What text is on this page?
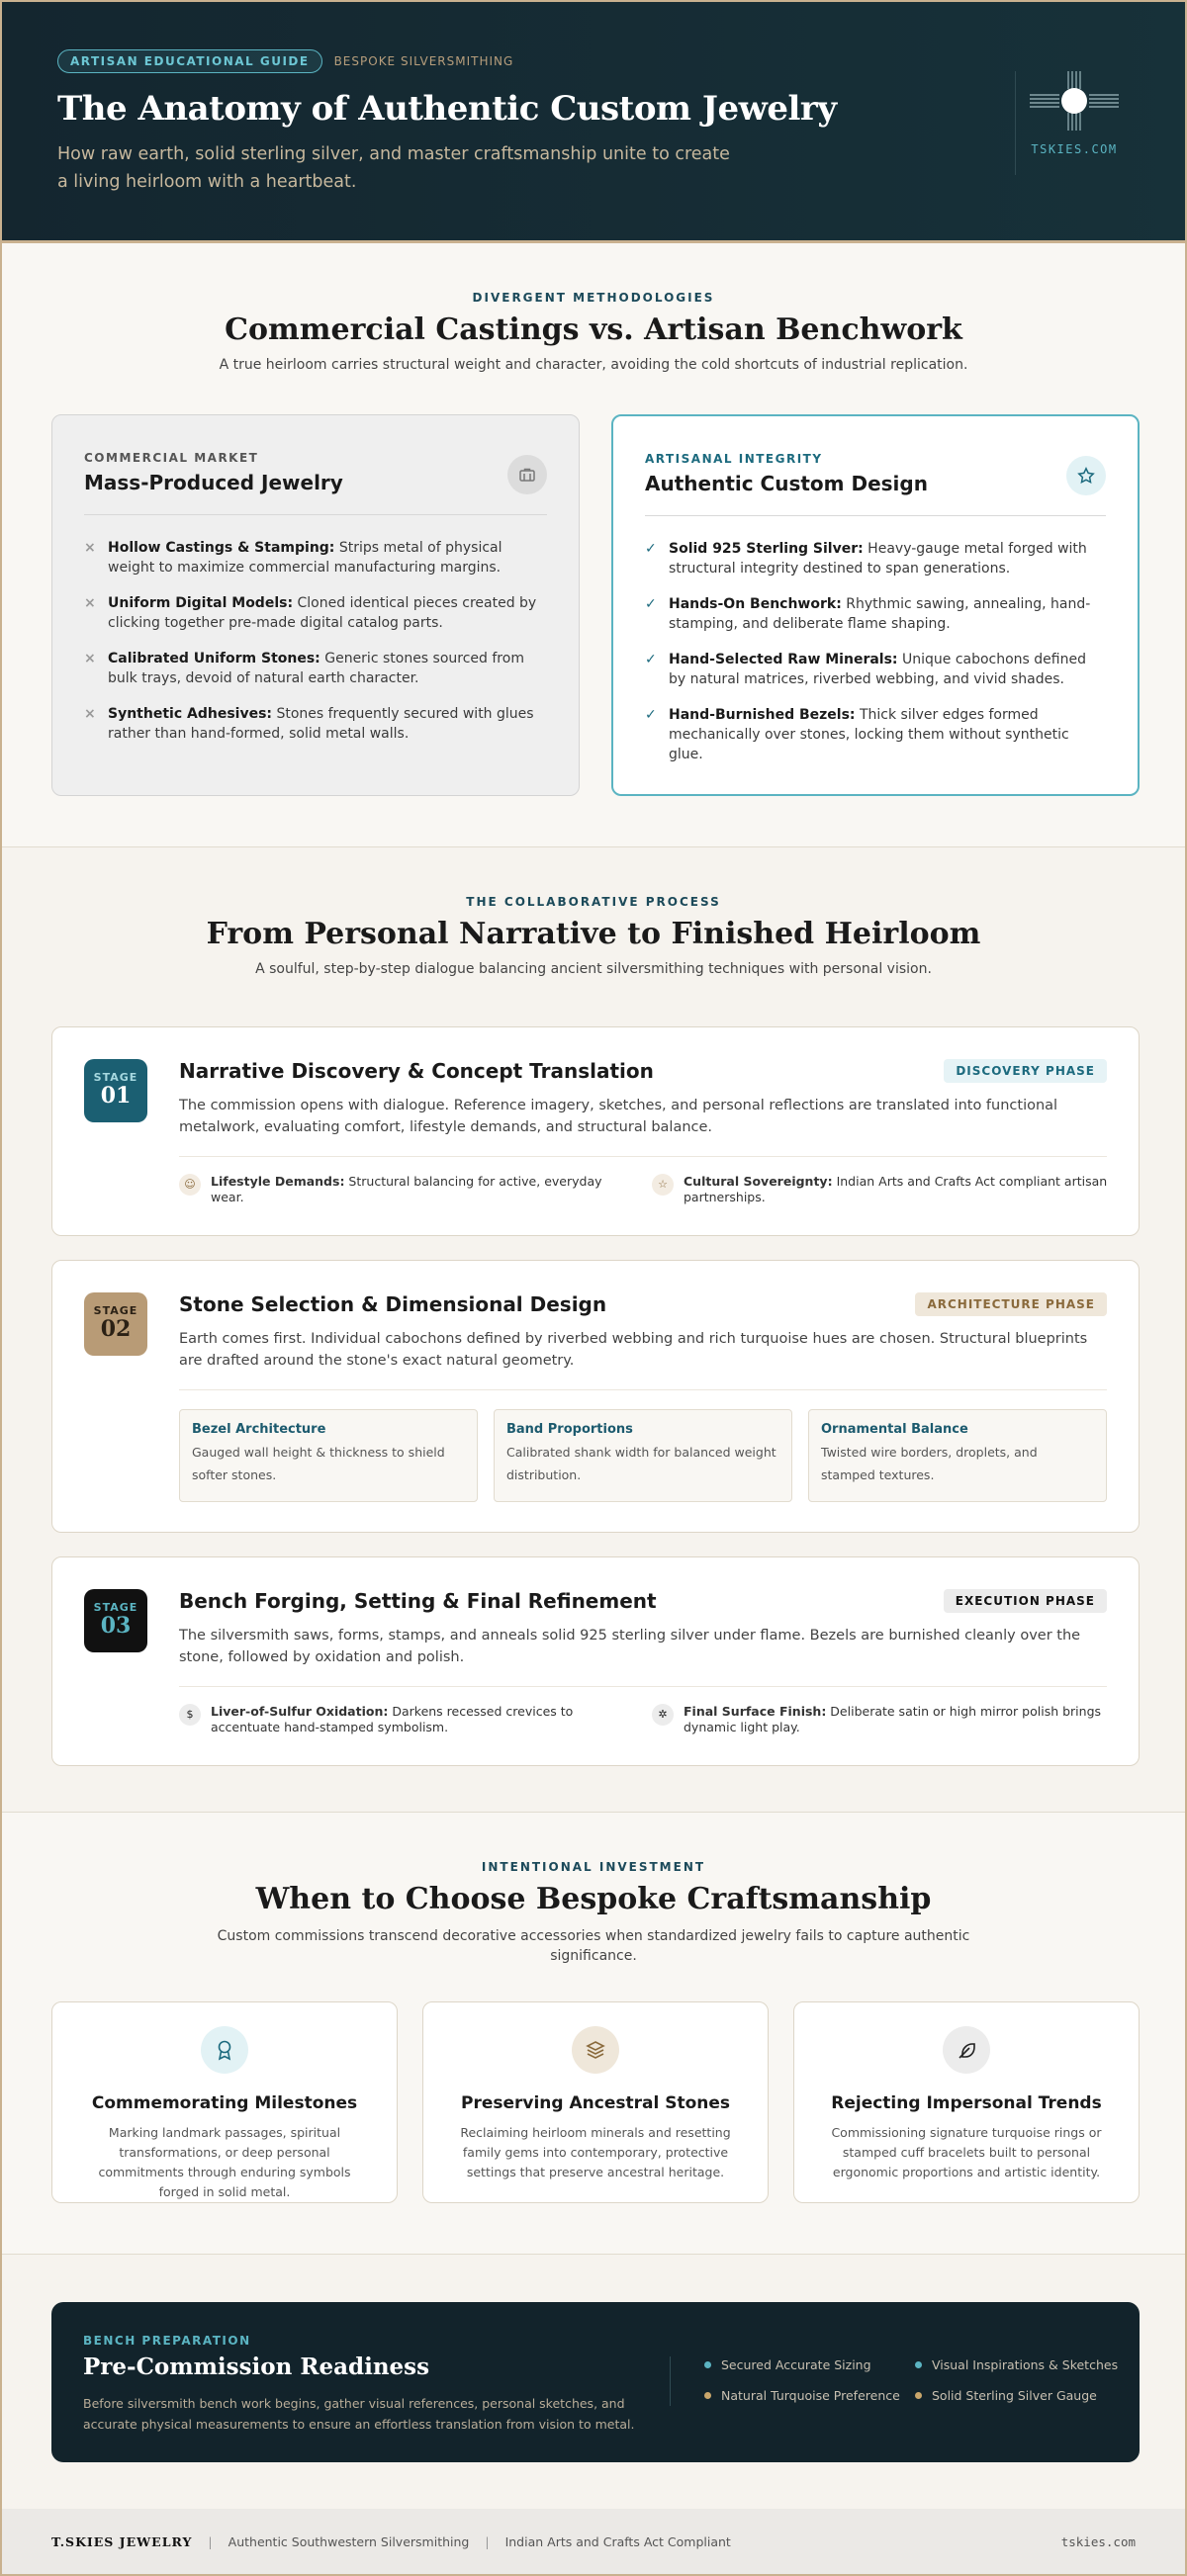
ARTISAN EDUCATIONAL GUIDE	BESPOKE SILVERSMITHING
The Anatomy of Authentic Custom Jewelry

How raw earth, solid sterling silver, and master craftsmanship unite to create a living heirloom with a heartbeat.

TSKIES.COM
DIVERGENT METHODOLOGIES
Commercial Castings vs. Artisan Benchwork

A true heirloom carries structural weight and character, avoiding the cold shortcuts of industrial replication.

COMMERCIAL MARKET
Mass-Produced Jewelry
× Hollow Castings & Stamping: Strips metal of physical weight to maximize commercial manufacturing margins.
× Uniform Digital Models: Cloned identical pieces created by clicking together pre-made digital catalog parts.
× Calibrated Uniform Stones: Generic stones sourced from bulk trays, devoid of natural earth character.
× Synthetic Adhesives: Stones frequently secured with glues rather than hand-formed, solid metal walls.
ARTISANAL INTEGRITY
Authentic Custom Design
✓ Solid 925 Sterling Silver: Heavy-gauge metal forged with structural integrity destined to span generations.
✓ Hands-On Benchwork: Rhythmic sawing, annealing, hand-stamping, and deliberate flame shaping.
✓ Hand-Selected Raw Minerals: Unique cabochons defined by natural matrices, riverbed webbing, and vivid shades.
✓ Hand-Burnished Bezels: Thick silver edges formed mechanically over stones, locking them without synthetic glue.
THE COLLABORATIVE PROCESS
From Personal Narrative to Finished Heirloom

A soulful, step-by-step dialogue balancing ancient silversmithing techniques with personal vision.

STAGE
01
Narrative Discovery & Concept Translation	DISCOVERY PHASE

The commission opens with dialogue. Reference imagery, sketches, and personal reflections are translated into functional metalwork, evaluating comfort, lifestyle demands, and structural balance.

☺	Lifestyle Demands: Structural balancing for active, everyday wear.
☆	Cultural Sovereignty: Indian Arts and Crafts Act compliant artisan partnerships.
STAGE
02
Stone Selection & Dimensional Design	ARCHITECTURE PHASE

Earth comes first. Individual cabochons defined by riverbed webbing and rich turquoise hues are chosen. Structural blueprints are drafted around the stone's exact natural geometry.

Bezel Architecture

Gauged wall height & thickness to shield softer stones.

Band Proportions

Calibrated shank width for balanced weight distribution.

Ornamental Balance

Twisted wire borders, droplets, and stamped textures.

STAGE
03
Bench Forging, Setting & Final Refinement	EXECUTION PHASE

The silversmith saws, forms, stamps, and anneals solid 925 sterling silver under flame. Bezels are burnished cleanly over the stone, followed by oxidation and polish.

$	Liver-of-Sulfur Oxidation: Darkens recessed crevices to accentuate hand-stamped symbolism.
✲	Final Surface Finish: Deliberate satin or high mirror polish brings dynamic light play.
INTENTIONAL INVESTMENT
When to Choose Bespoke Craftsmanship

Custom commissions transcend decorative accessories when standardized jewelry fails to capture authentic significance.

Commemorating Milestones

Marking landmark passages, spiritual transformations, or deep personal commitments through enduring symbols forged in solid metal.

Preserving Ancestral Stones

Reclaiming heirloom minerals and resetting family gems into contemporary, protective settings that preserve ancestral heritage.

Rejecting Impersonal Trends

Commissioning signature turquoise rings or stamped cuff bracelets built to personal ergonomic proportions and artistic identity.

BENCH PREPARATION
Pre-Commission Readiness

Before silversmith bench work begins, gather visual references, personal sketches, and accurate physical measurements to ensure an effortless translation from vision to metal.

Secured Accurate Sizing	Visual Inspirations & Sketches
Natural Turquoise Preference	Solid Sterling Silver Gauge
T.SKIES JEWELRY | Authentic Southwestern Silversmithing | Indian Arts and Crafts Act Compliant	tskies.com
